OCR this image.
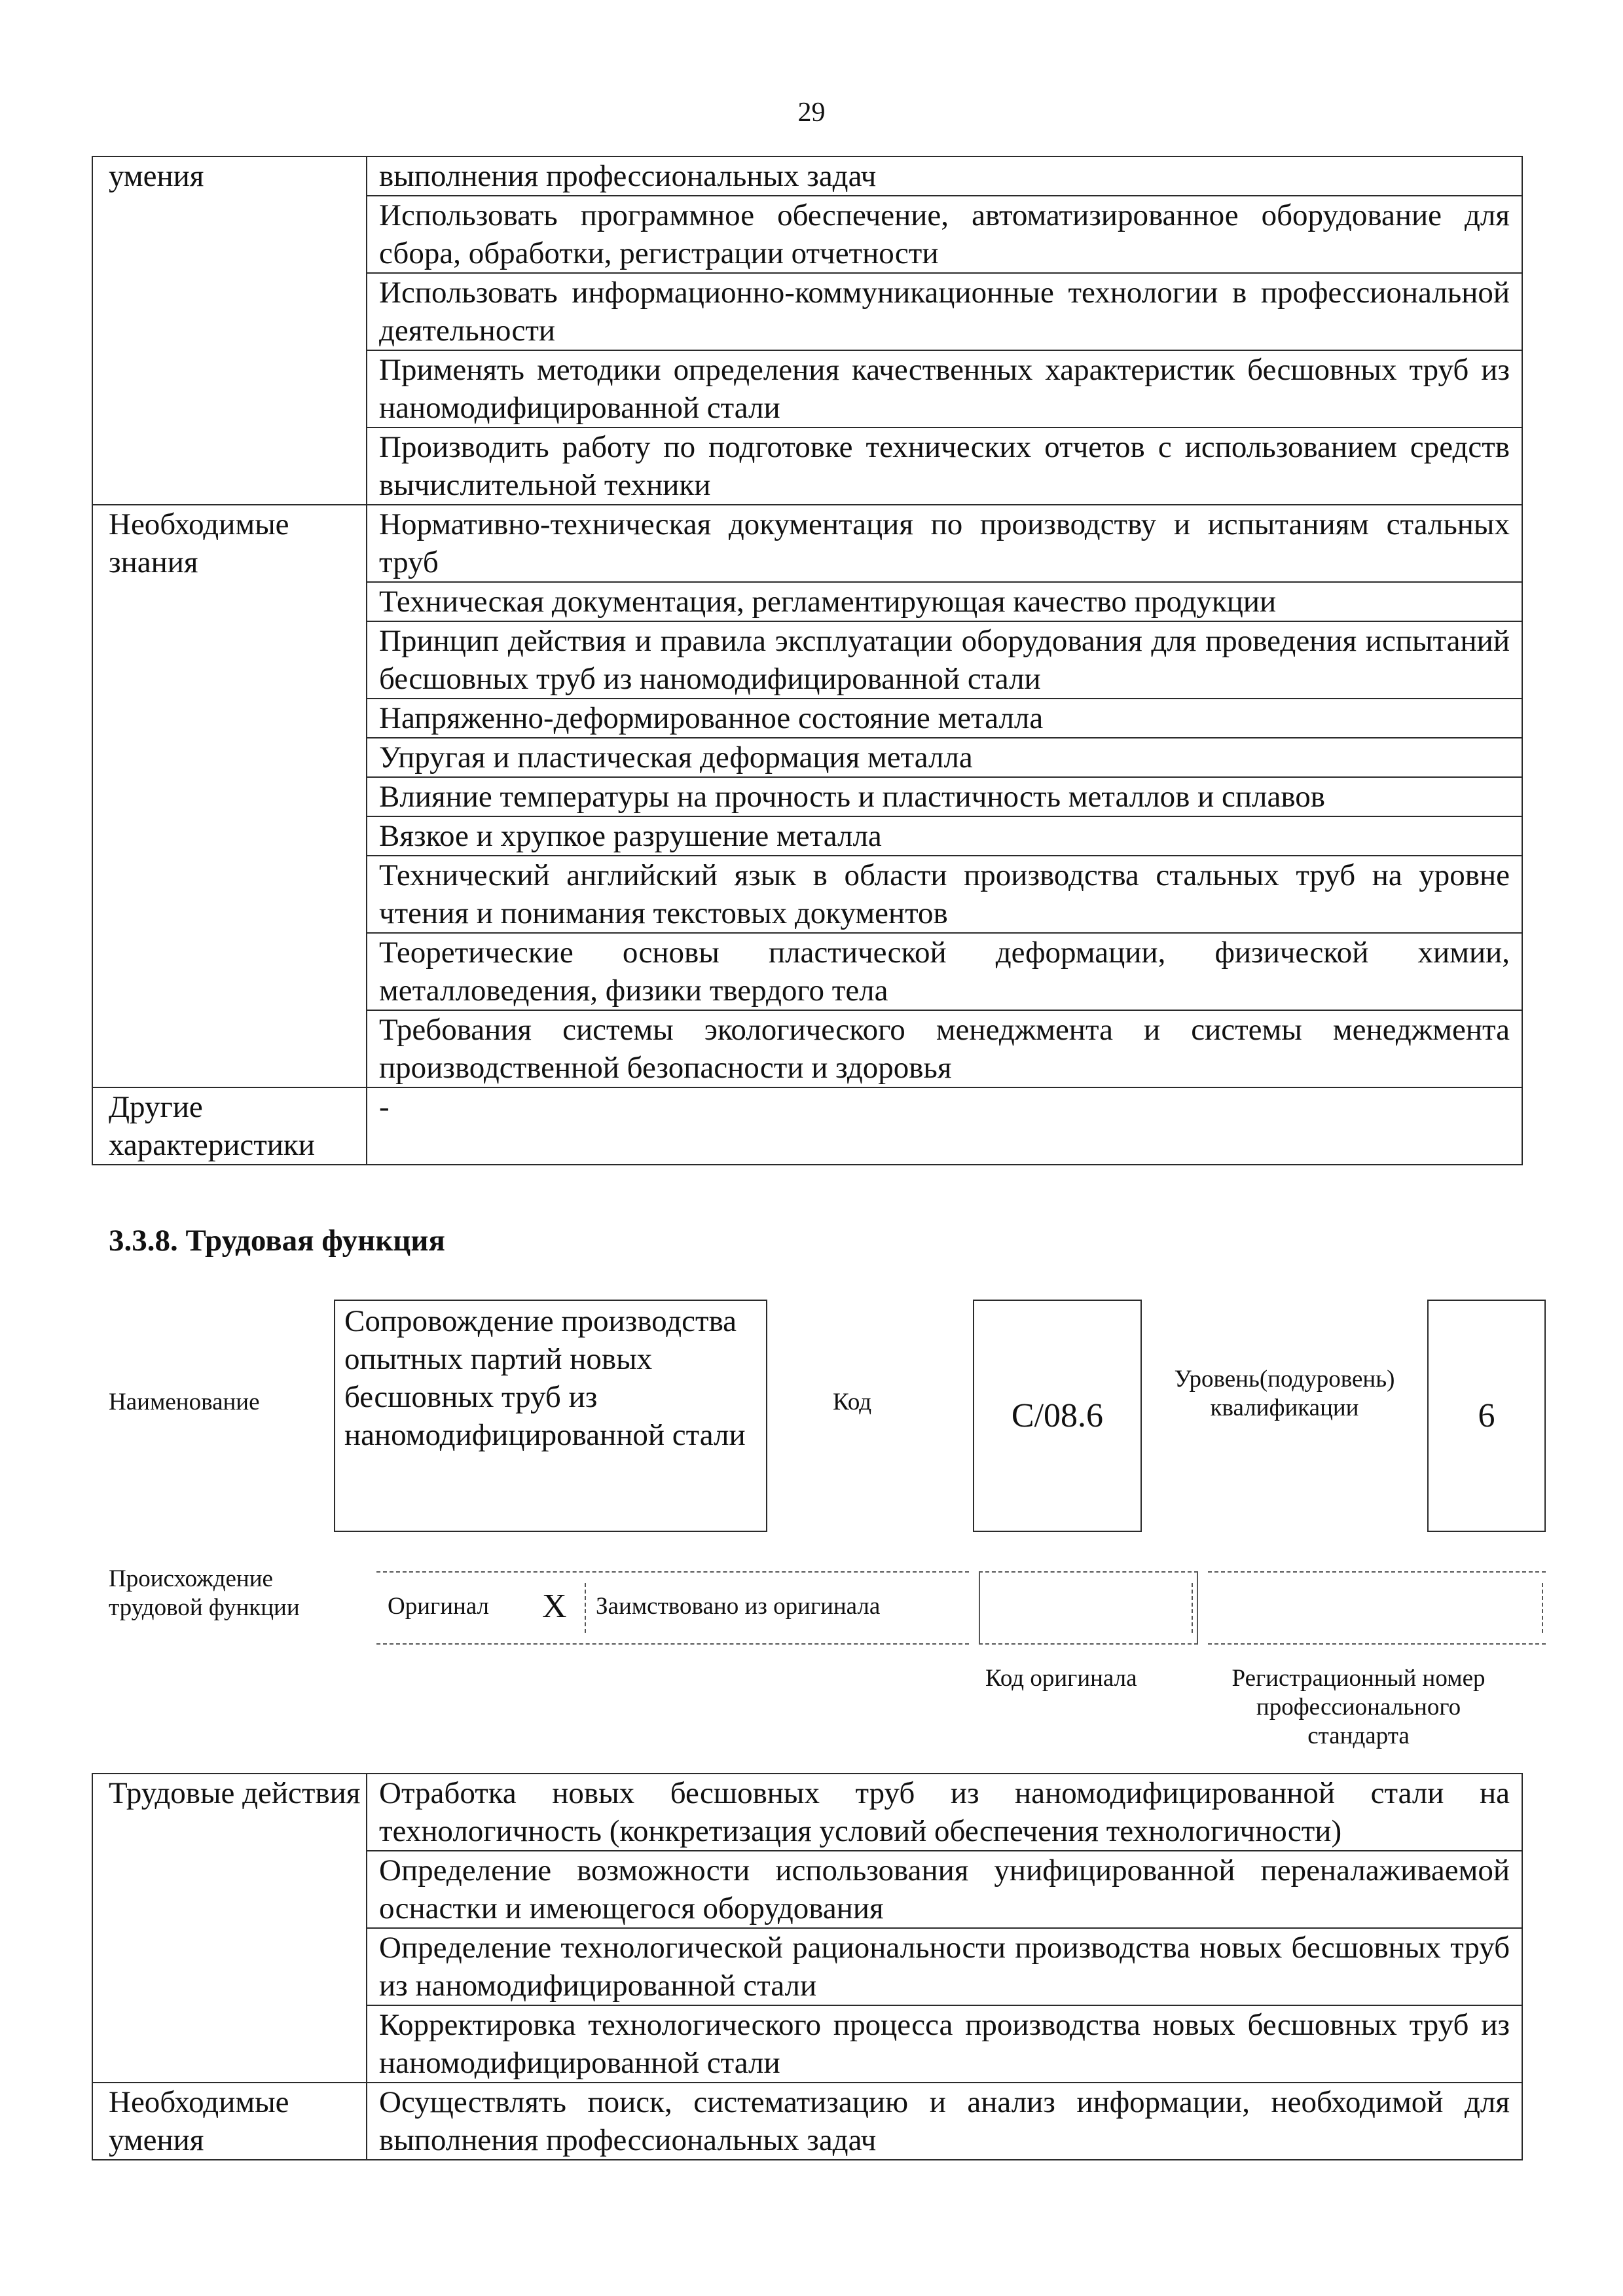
29
умения	выполнения профессиональных задач
	Использовать программное обеспечение, автоматизированное оборудование для сбора, обработки, регистрации отчетности
	Использовать информационно-коммуникационные технологии в профессиональной деятельности
	Применять методики определения качественных характеристик бесшовных труб из наномодифицированной стали
	Производить работу по подготовке технических отчетов с использованием средств вычислительной техники
Необходимые знания	Нормативно-техническая документация по производству и испытаниям стальных труб
	Техническая документация, регламентирующая качество продукции
	Принцип действия и правила эксплуатации оборудования для проведения испытаний бесшовных труб из наномодифицированной стали
	Напряженно-деформированное состояние металла
	Упругая и пластическая деформация металла
	Влияние температуры на прочность и пластичность металлов и сплавов
	Вязкое и хрупкое разрушение металла
	Технический английский язык в области производства стальных труб на уровне чтения и понимания текстовых документов
	Теоретические основы пластической деформации, физической химии, металловедения, физики твердого тела
	Требования системы экологического менеджмента и системы менеджмента производственной безопасности и здоровья
Другие характеристики	-
3.3.8. Трудовая функция
Наименование
Сопровождение производства опытных партий новых бесшовных труб из наномодифицированной стали
Код	C/08.6
Уровень(подуровень) квалификации	6
Происхождение трудовой функции	Оригинал X Заимствовано из оригинала
Код оригинала	Регистрационный номер профессионального стандарта
Трудовые действия	Отработка новых бесшовных труб из наномодифицированной стали на технологичность (конкретизация условий обеспечения технологичности)
	Определение возможности использования унифицированной переналаживаемой оснастки и имеющегося оборудования
	Определение технологической рациональности производства новых бесшовных труб из наномодифицированной стали
	Корректировка технологического процесса производства новых бесшовных труб из наномодифицированной стали
Необходимые умения	Осуществлять поиск, систематизацию и анализ информации, необходимой для выполнения профессиональных задач
